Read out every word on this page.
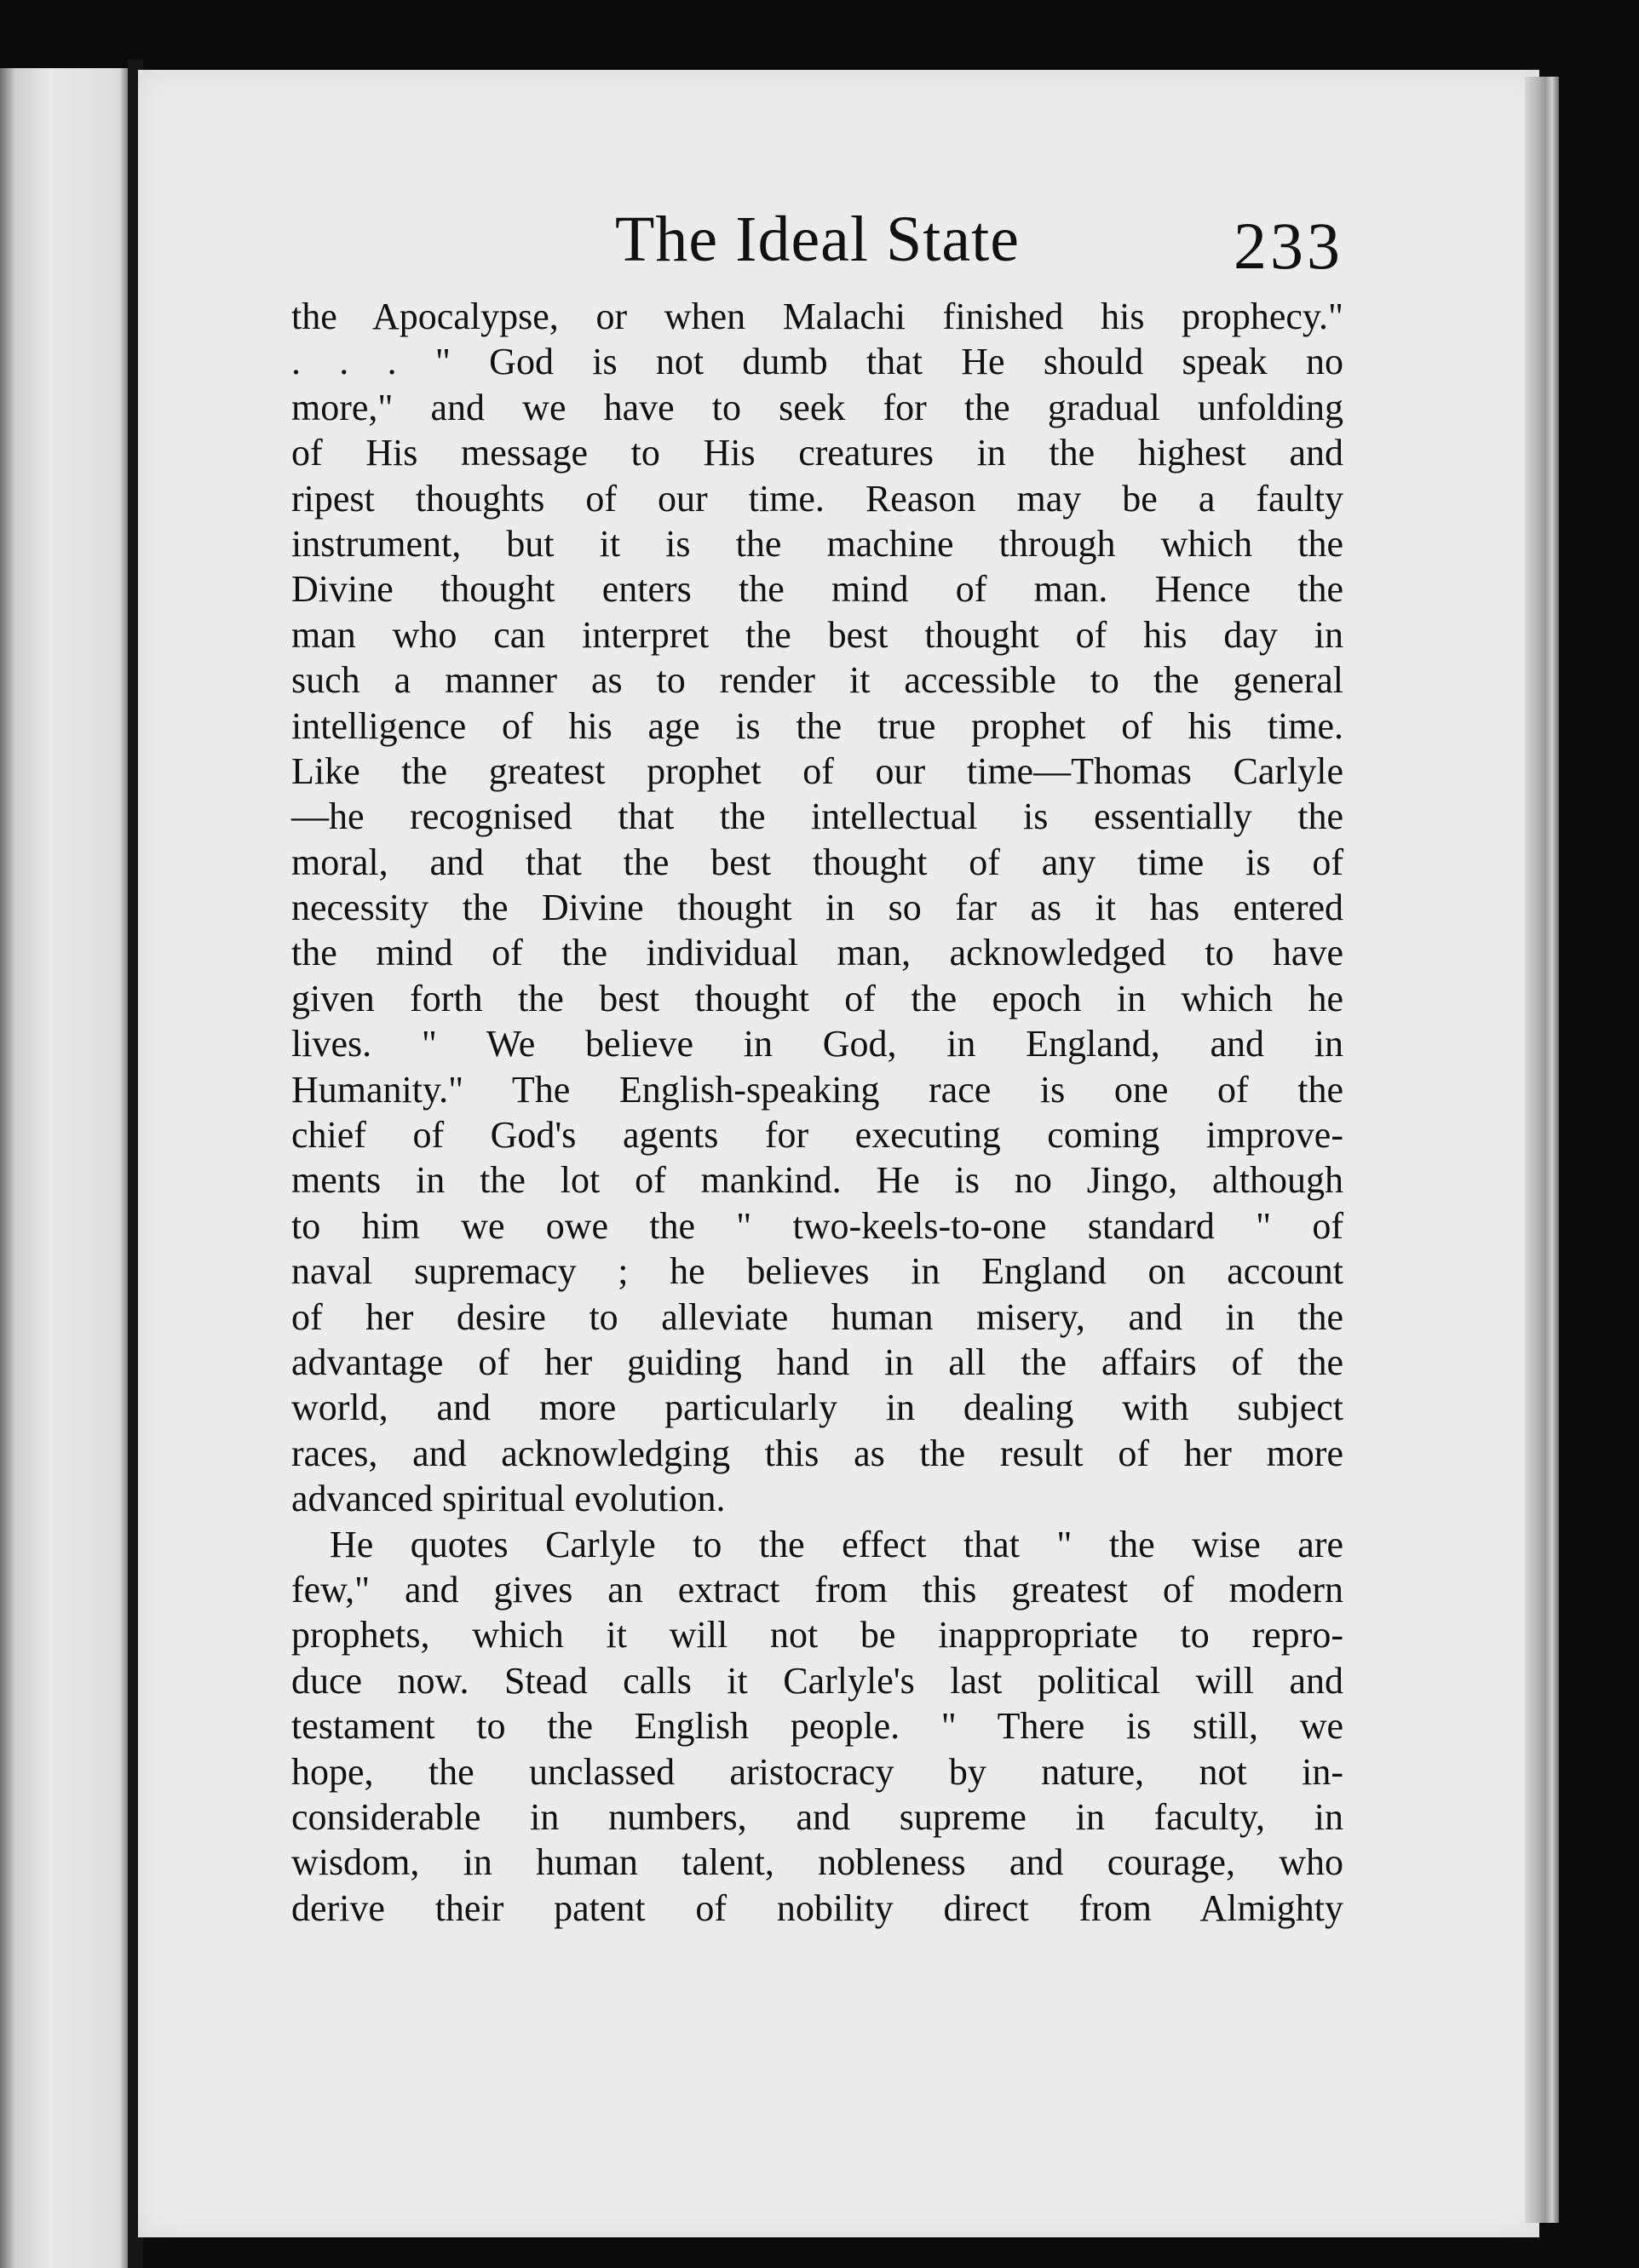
The Ideal State	233
the Apocalypse, or when Malachi finished his prophecy."
. . . " God is not dumb that He should speak no
more," and we have to seek for the gradual unfolding
of His message to His creatures in the highest and
ripest thoughts of our time. Reason may be a faulty
instrument, but it is the machine through which the
Divine thought enters the mind of man. Hence the
man who can interpret the best thought of his day in
such a manner as to render it accessible to the general
intelligence of his age is the true prophet of his time.
Like the greatest prophet of our time—Thomas Carlyle
—he recognised that the intellectual is essentially the
moral, and that the best thought of any time is of
necessity the Divine thought in so far as it has entered
the mind of the individual man, acknowledged to have
given forth the best thought of the epoch in which he
lives. " We believe in God, in England, and in
Humanity." The English-speaking race is one of the
chief of God's agents for executing coming improve-
ments in the lot of mankind. He is no Jingo, although
to him we owe the " two-keels-to-one standard " of
naval supremacy ; he believes in England on account
of her desire to alleviate human misery, and in the
advantage of her guiding hand in all the affairs of the
world, and more particularly in dealing with subject
races, and acknowledging this as the result of her more
advanced spiritual evolution.
He quotes Carlyle to the effect that " the wise are
few," and gives an extract from this greatest of modern
prophets, which it will not be inappropriate to repro-
duce now. Stead calls it Carlyle's last political will and
testament to the English people. " There is still, we
hope, the unclassed aristocracy by nature, not in-
considerable in numbers, and supreme in faculty, in
wisdom, in human talent, nobleness and courage, who
derive their patent of nobility direct from Almighty
